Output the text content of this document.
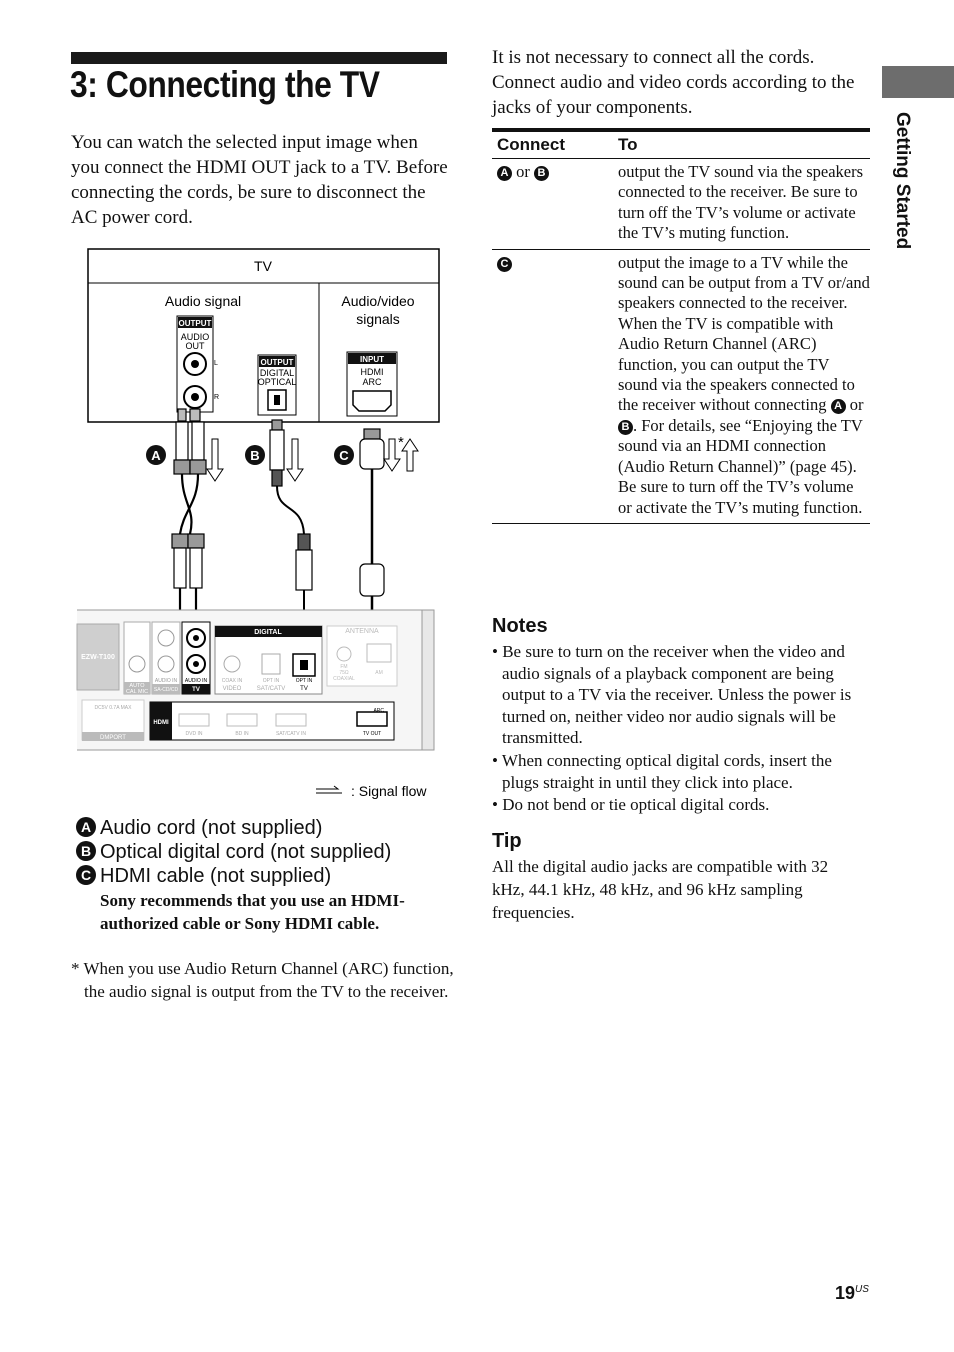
3: Connecting the TV
You can watch the selected input image when you connect the HDMI OUT jack to a TV. Before connecting the cords, be sure to disconnect the AC power cord.
TV
Audio signal	Audio/video
signals
OUTPUT
AUDIO
OUT
L
R
OUTPUT
DIGITAL
OPTICAL
INPUT
HDMI
ARC
*
A	B	C
EZW-T100
AUTO
CAL MIC
AUDIO IN
SA-CD/CD
AUDIO IN
TV
DIGITAL
COAX IN
VIDEO
OPT IN
SAT/CATV
OPT IN
TV
ANTENNA
FM
75Ω
COAXIAL
AM
DC5V 0.7A MAX
DMPORT
HDMI
DVD IN	BD IN	SAT/CATV IN
ARC
TV OUT
: Signal flow
A Audio cord (not supplied)
B Optical digital cord (not supplied)
C HDMI cable (not supplied)
Sony recommends that you use an HDMI-authorized cable or Sony HDMI cable.
* When you use Audio Return Channel (ARC) function, the audio signal is output from the TV to the receiver.
It is not necessary to connect all the cords. Connect audio and video cords according to the jacks of your components.
Connect	To
A or B	output the TV sound via the speakers connected to the receiver. Be sure to turn off the TV’s volume or activate the TV’s muting function.
C	output the image to a TV while the sound can be output from a TV or/and speakers connected to the receiver.
When the TV is compatible with Audio Return Channel (ARC) function, you can output the TV sound via the speakers connected to the receiver without connecting A or B . For details, see “Enjoying the TV sound via an HDMI connection (Audio Return Channel)” (page 45).
Be sure to turn off the TV’s volume or activate the TV’s muting function.
Notes
• Be sure to turn on the receiver when the video and audio signals of a playback component are being output to a TV via the receiver. Unless the power is turned on, neither video nor audio signals will be transmitted.
• When connecting optical digital cords, insert the plugs straight in until they click into place.
• Do not bend or tie optical digital cords.
Tip
All the digital audio jacks are compatible with 32 kHz, 44.1 kHz, 48 kHz, and 96 kHz sampling frequencies.
Getting Started
$19^{US}$
